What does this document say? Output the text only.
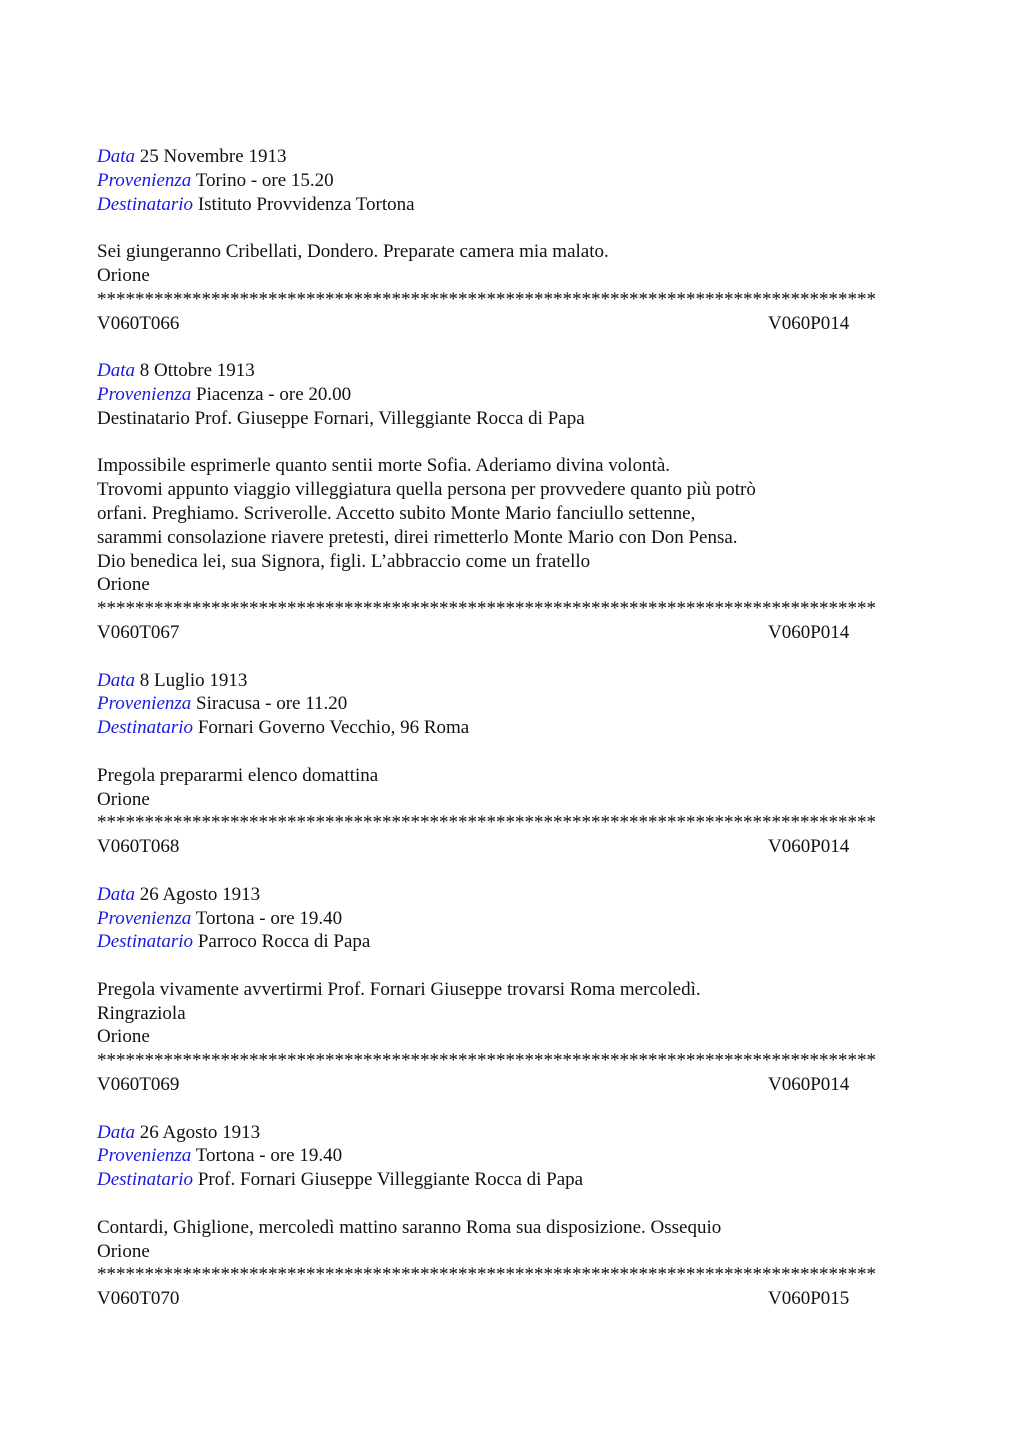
Data 25 Novembre 1913
Provenienza Torino - ore 15.20
Destinatario Istituto Provvidenza Tortona
Sei giungeranno Cribellati, Dondero. Preparate camera mia malato.
Orione
**********************************************************************************
V060T066	V060P014
Data 8 Ottobre 1913
Provenienza Piacenza - ore 20.00
Destinatario Prof. Giuseppe Fornari, Villeggiante Rocca di Papa
Impossibile esprimerle quanto sentii morte Sofia. Aderiamo divina volontà.
Trovomi appunto viaggio villeggiatura quella persona per provvedere quanto più potrò
orfani. Preghiamo. Scriverolle. Accetto subito Monte Mario fanciullo settenne,
sarammi consolazione riavere pretesti, direi rimetterlo Monte Mario con Don Pensa.
Dio benedica lei, sua Signora, figli. L’abbraccio come un fratello
Orione
**********************************************************************************
V060T067	V060P014
Data 8 Luglio 1913
Provenienza Siracusa - ore 11.20
Destinatario Fornari Governo Vecchio, 96 Roma
Pregola prepararmi elenco domattina
Orione
**********************************************************************************
V060T068	V060P014
Data 26 Agosto 1913
Provenienza Tortona - ore 19.40
Destinatario Parroco Rocca di Papa
Pregola vivamente avvertirmi Prof. Fornari Giuseppe trovarsi Roma mercoledì.
Ringraziola
Orione
**********************************************************************************
V060T069	V060P014
Data 26 Agosto 1913
Provenienza Tortona - ore 19.40
Destinatario Prof. Fornari Giuseppe Villeggiante Rocca di Papa
Contardi, Ghiglione, mercoledì mattino saranno Roma sua disposizione. Ossequio
Orione
**********************************************************************************
V060T070	V060P015
